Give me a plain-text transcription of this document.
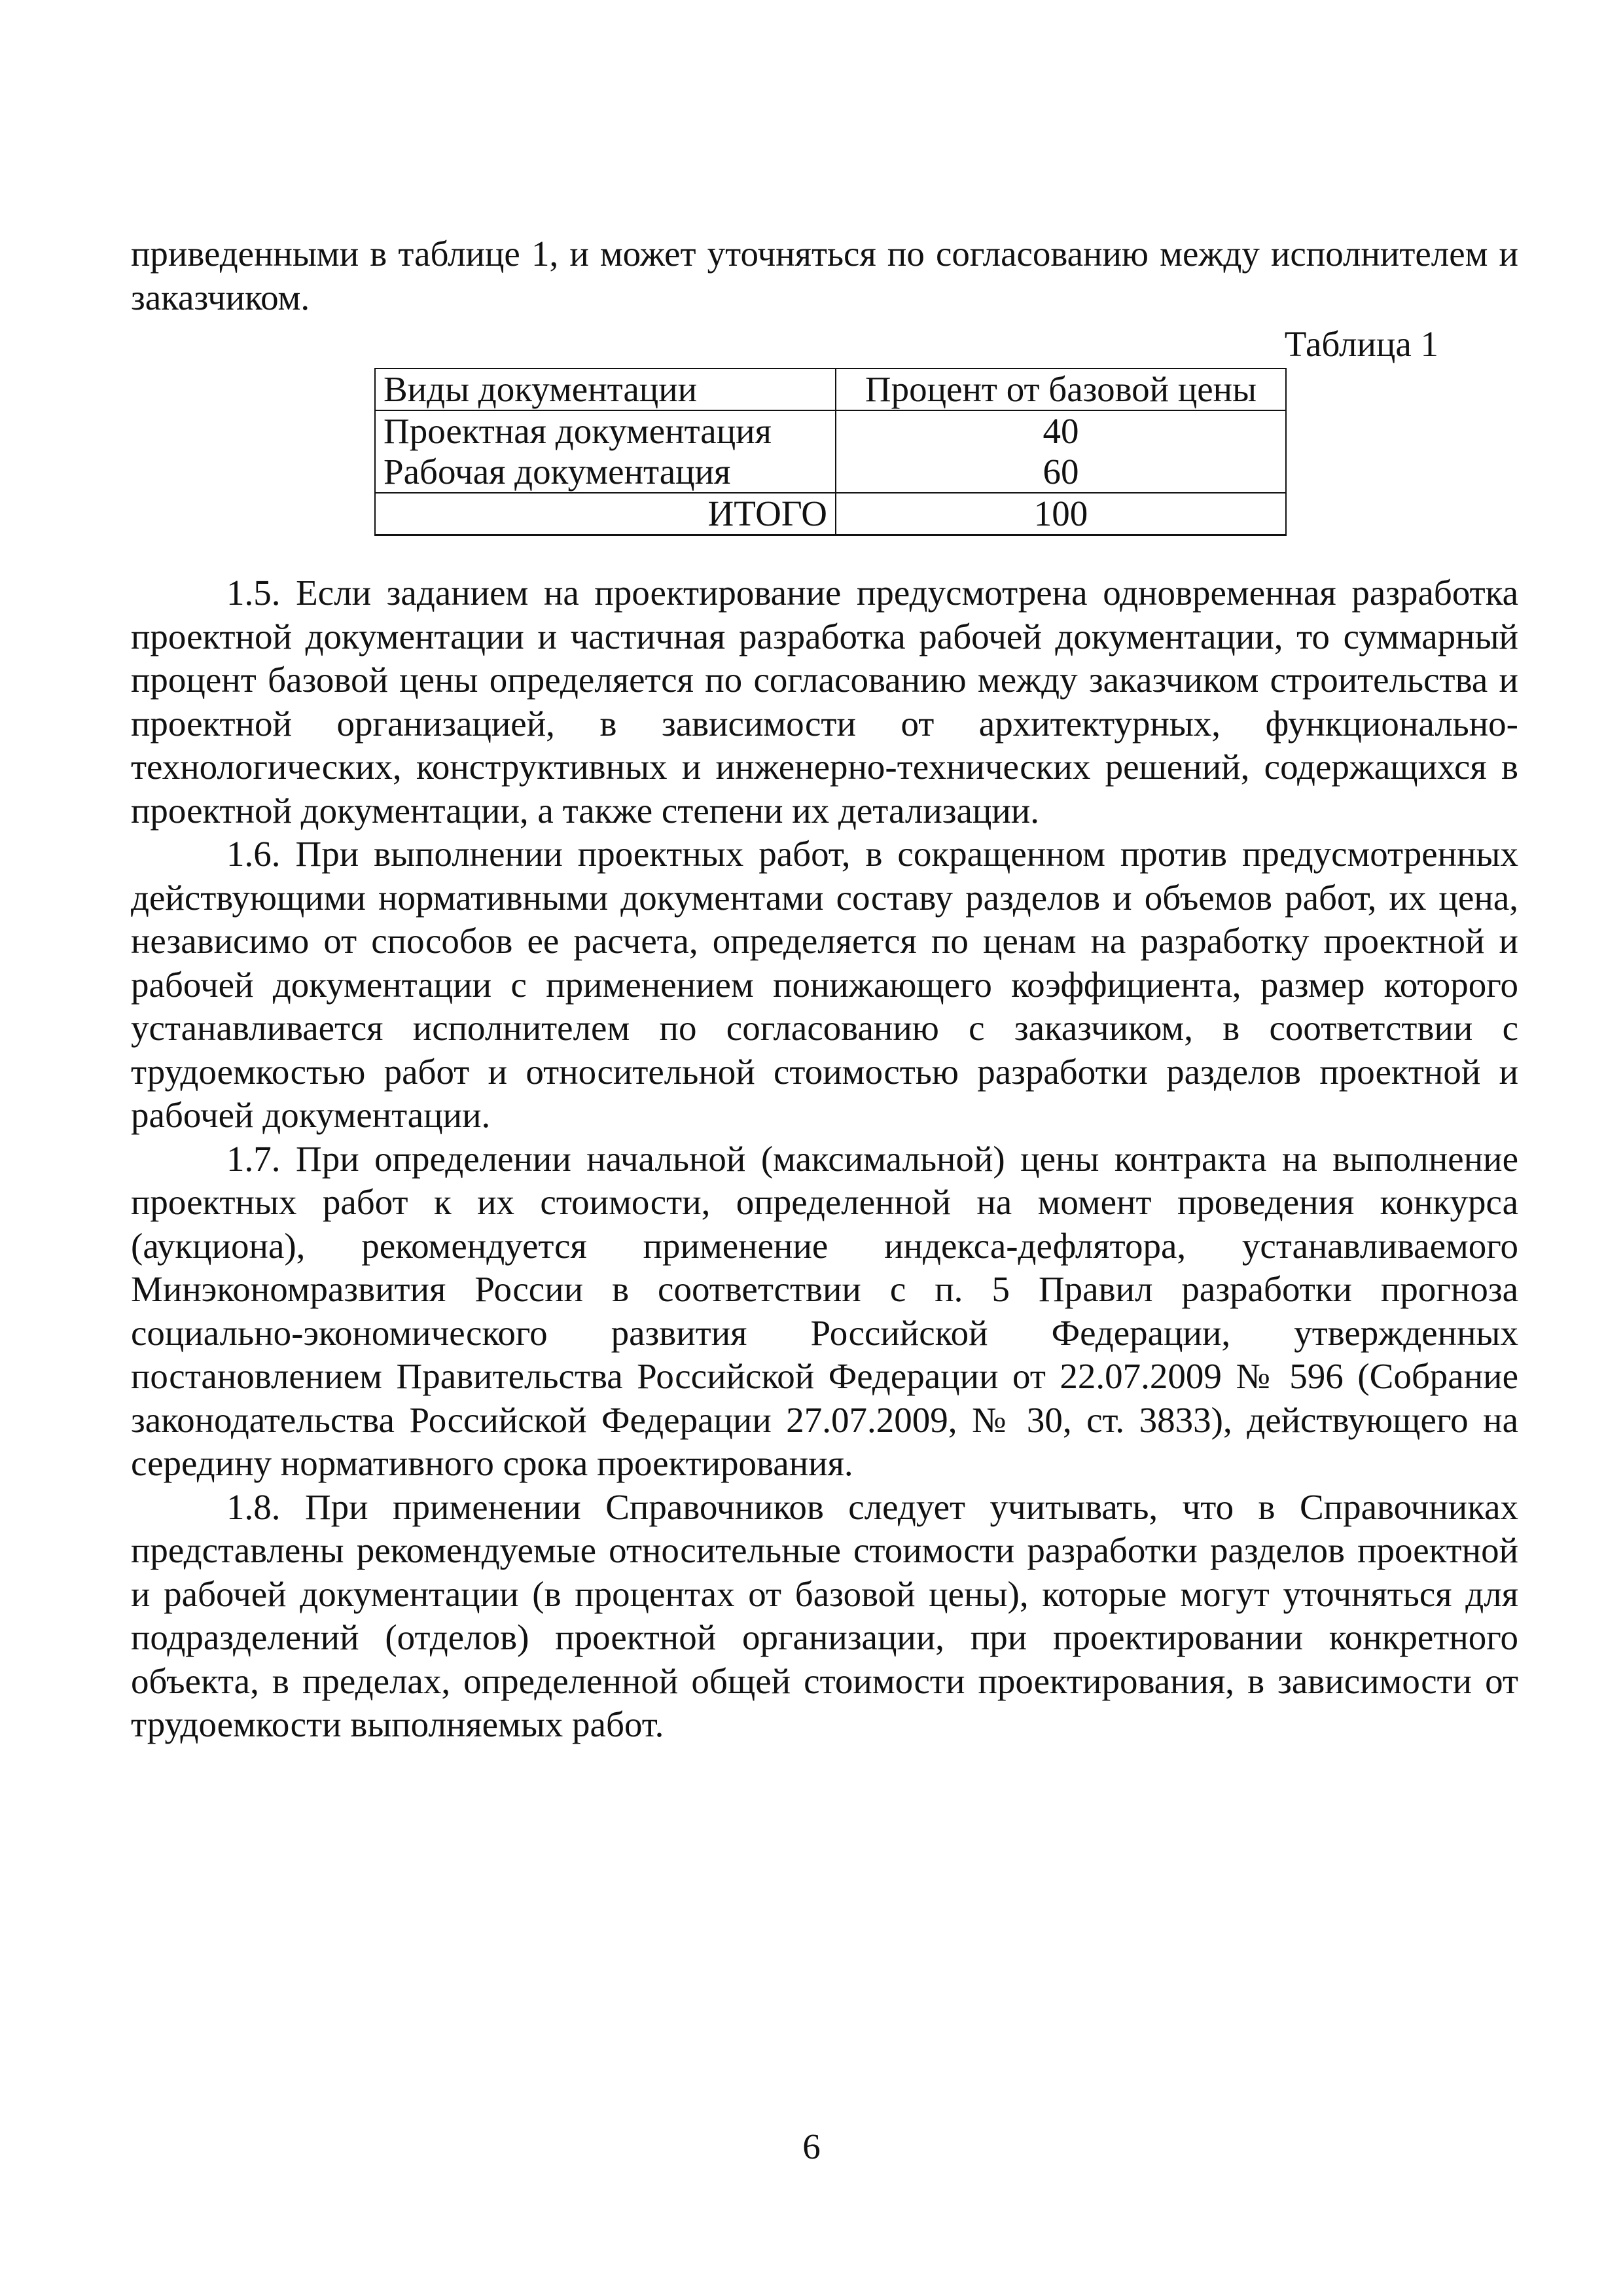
приведенными в таблице 1, и может уточняться по согласованию между исполнителем и заказчиком.

Таблица 1
Виды документации	Процент от базовой цены
Проектная документация	40
Рабочая документация	60
ИТОГО	100

1.5. Если заданием на проектирование предусмотрена одновременная разработка проектной документации и частичная разработка рабочей документации, то суммарный процент базовой цены определяется по согласованию между заказчиком строительства и проектной организацией, в зависимости от архитектурных, функционально-технологических, конструктивных и инженерно-технических решений, содержащихся в проектной документации, а также степени их детализации.

1.6. При выполнении проектных работ, в сокращенном против предусмотренных действующими нормативными документами составу разделов и объемов работ, их цена, независимо от способов ее расчета, определяется по ценам на разработку проектной и рабочей документации с применением понижающего коэффициента, размер которого устанавливается исполнителем по согласованию с заказчиком, в соответствии с трудоемкостью работ и относительной стоимостью разработки разделов проектной и рабочей документации.

1.7. При определении начальной (максимальной) цены контракта на выполнение проектных работ к их стоимости, определенной на момент проведения конкурса (аукциона), рекомендуется применение индекса-дефлятора, устанавливаемого Минэкономразвития России в соответствии с п. 5 Правил разработки прогноза социально-экономического развития Российской Федерации, утвержденных постановлением Правительства Российской Федерации от 22.07.2009 № 596 (Собрание законодательства Российской Федерации 27.07.2009, № 30, ст. 3833), действующего на середину нормативного срока проектирования.

1.8. При применении Справочников следует учитывать, что в Справочниках представлены рекомендуемые относительные стоимости разработки разделов проектной и рабочей документации (в процентах от базовой цены), которые могут уточняться для подразделений (отделов) проектной организации, при проектировании конкретного объекта, в пределах, определенной общей стоимости проектирования, в зависимости от трудоемкости выполняемых работ.

6
